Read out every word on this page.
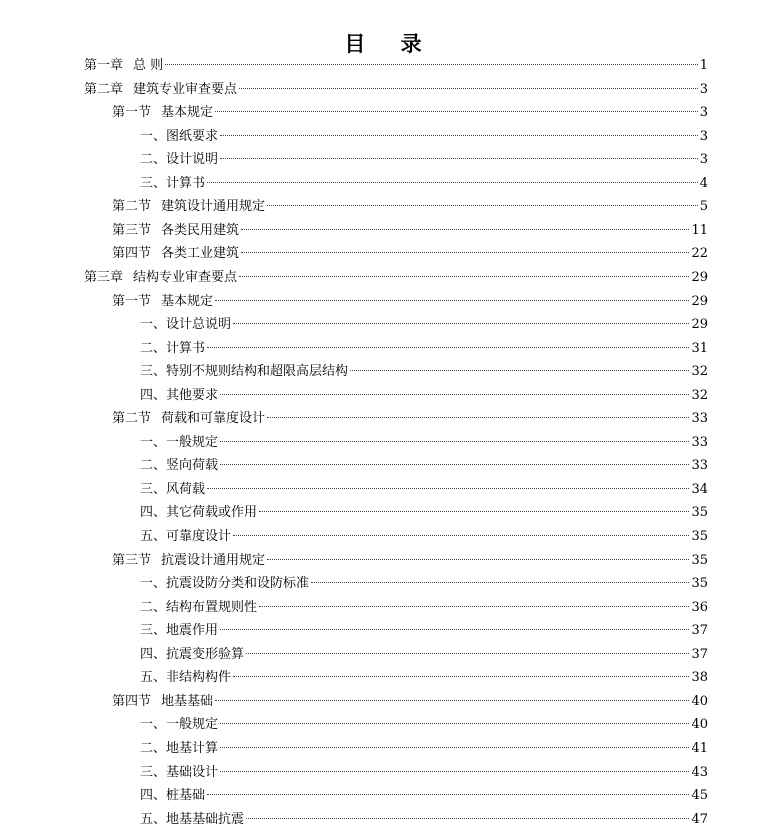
目 录
第一章 总 则	1
第二章 建筑专业审查要点	3
第一节 基本规定	3
一、 图纸要求	3
二、 设计说明	3
三、 计算书	4
第二节 建筑设计通用规定	5
第三节 各类民用建筑	11
第四节 各类工业建筑	22
第三章 结构专业审查要点	29
第一节 基本规定	29
一、 设计总说明	29
二、 计算书	31
三、 特别不规则结构和超限高层结构	32
四、 其他要求	32
第二节 荷载和可靠度设计	33
一、 一般规定	33
二、 竖向荷载	33
三、 风荷载	34
四、 其它荷载或作用	35
五、 可靠度设计	35
第三节 抗震设计通用规定	35
一、 抗震设防分类和设防标准	35
二、 结构布置规则性	36
三、 地震作用	37
四、 抗震变形验算	37
五、 非结构构件	38
第四节 地基基础	40
一、 一般规定	40
二、 地基计算	41
三、 基础设计	43
四、 桩基础	45
五、 地基基础抗震	47
